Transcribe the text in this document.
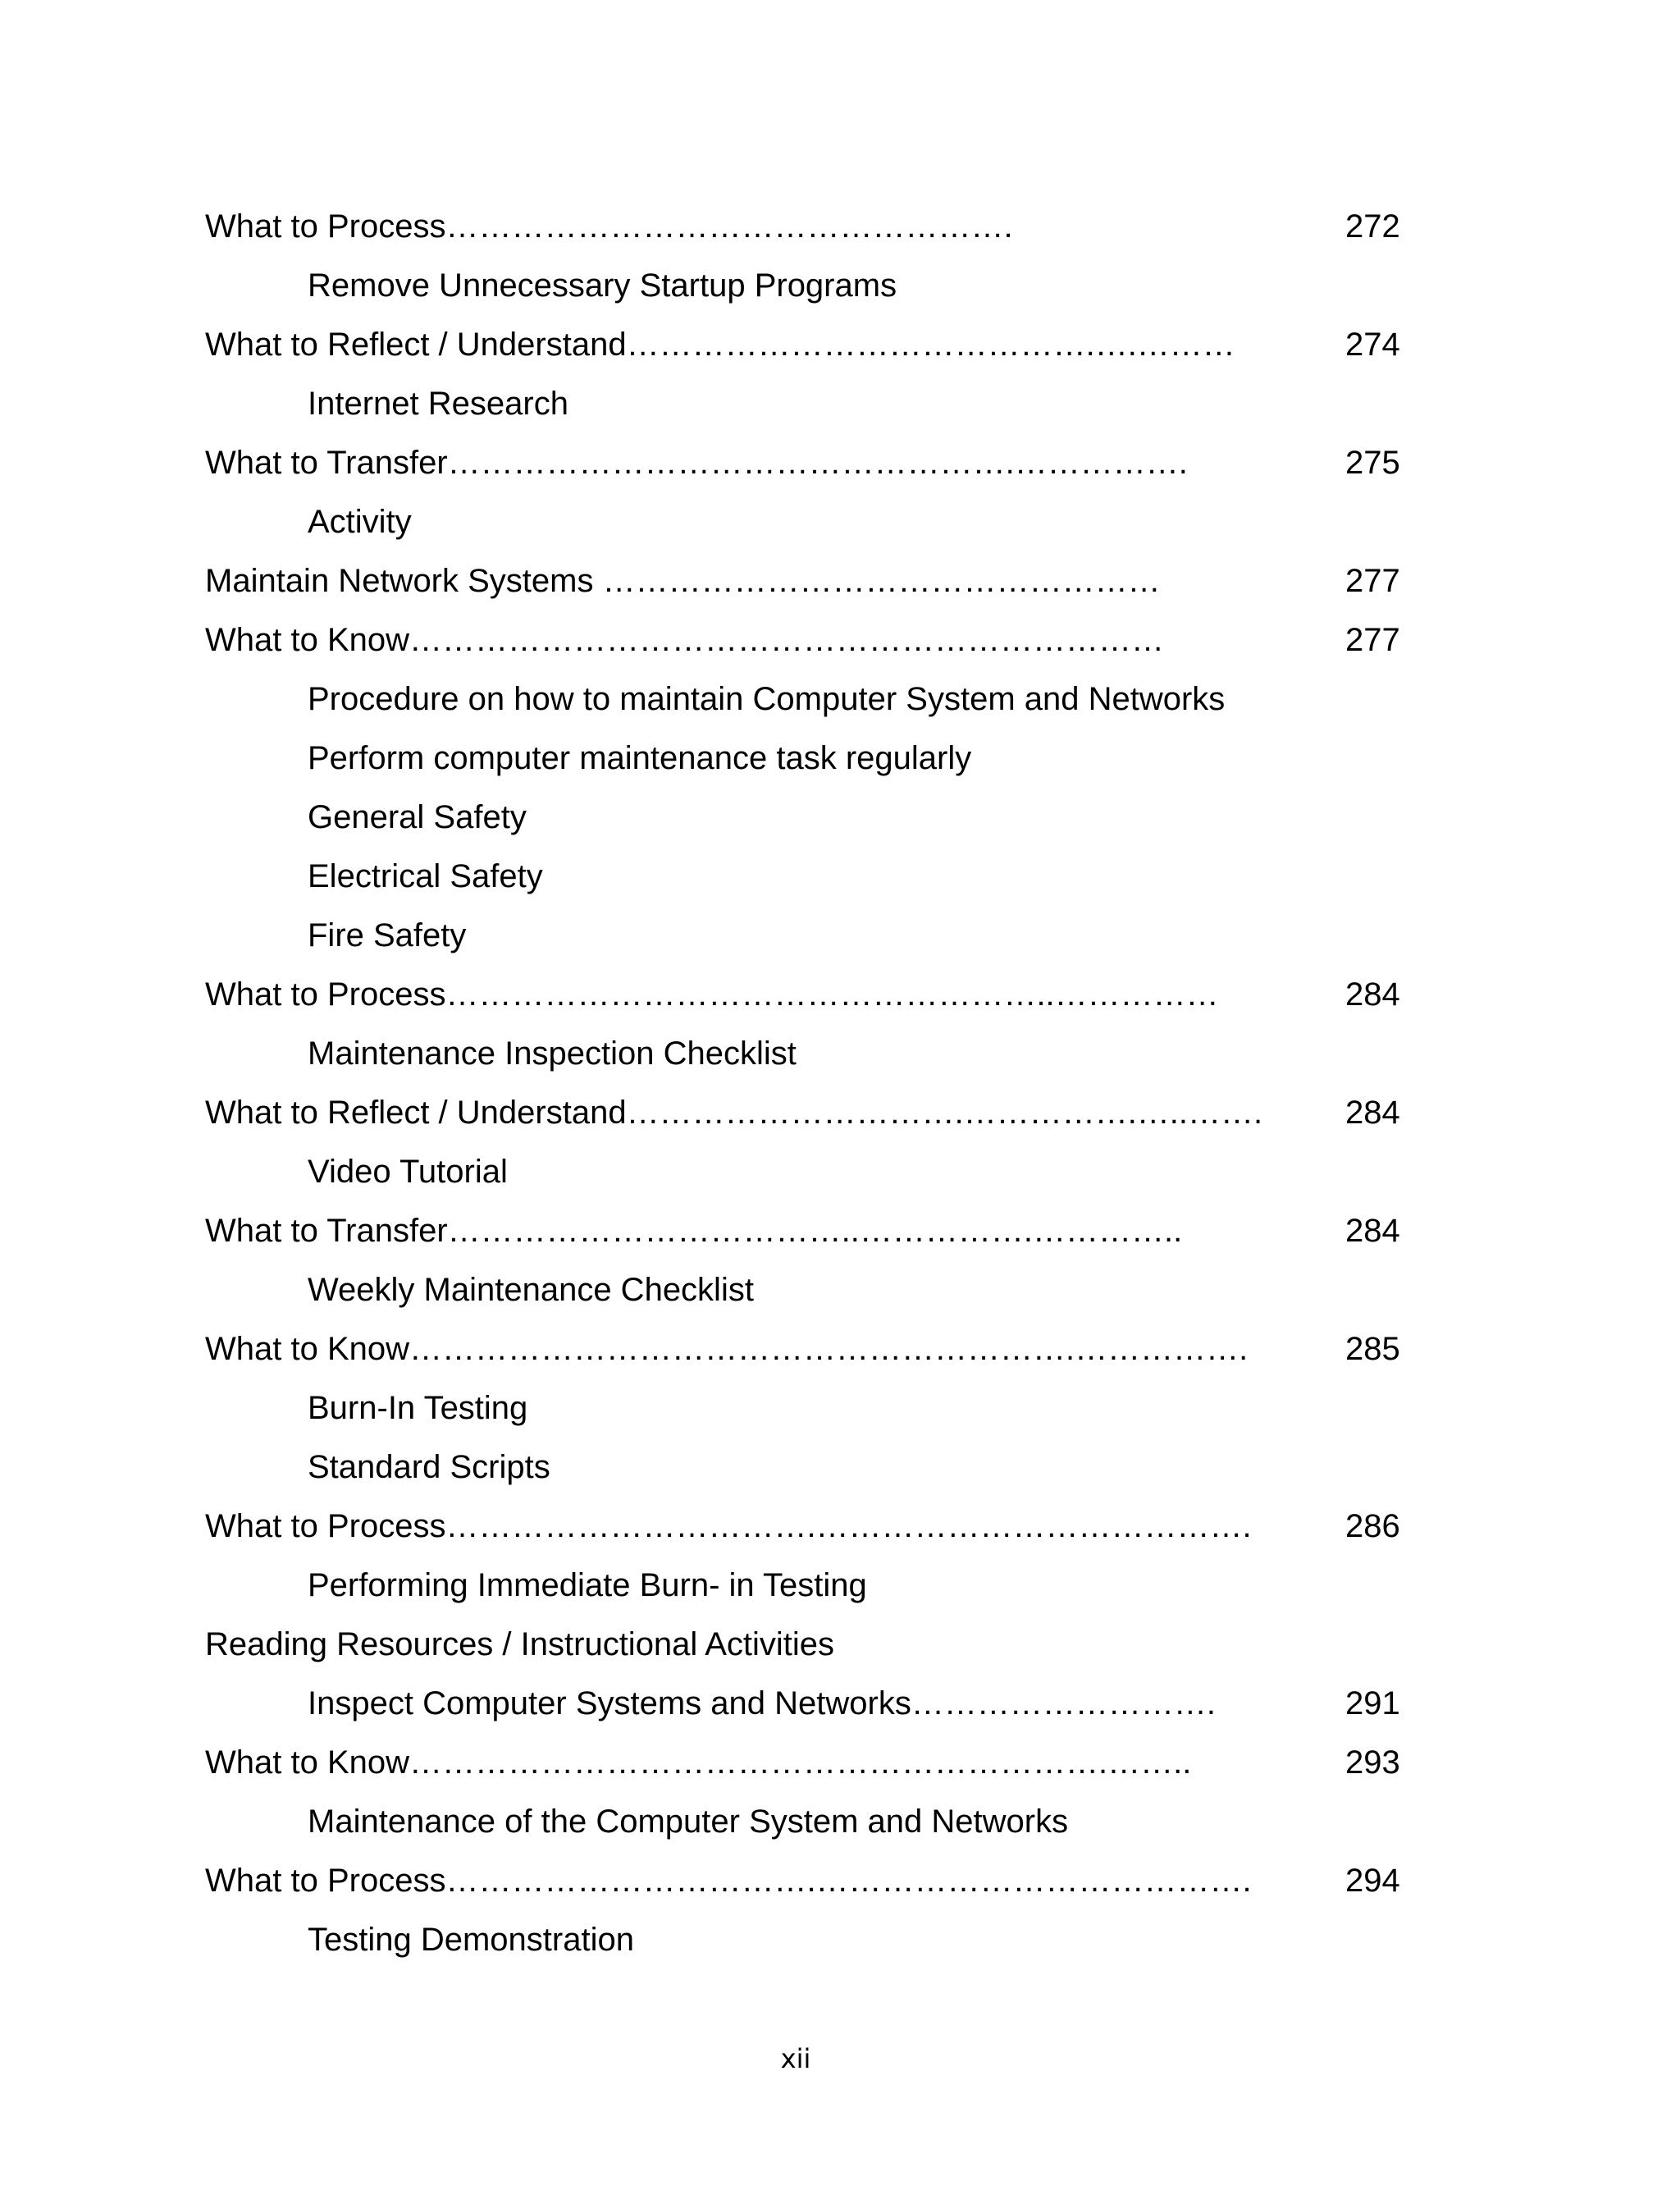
What to Process…………………………………………….	272
Remove Unnecessary Startup Programs
What to Reflect / Understand…………………………………….….………	274
Internet Research
What to Transfer…………………………………………….…………….	275
Activity
Maintain Network Systems ……………………………………………	277
What to Know……………………………………………………………	277
Procedure on how to maintain Computer System and Networks
Perform computer maintenance task regularly
General Safety
Electrical Safety
Fire Safety
What to Process………………………………………………..……………	284
Maintenance Inspection Checklist
What to Reflect / Understand………………………….…………….…..…….	284
Video Tutorial
What to Transfer………………………………..…………….…………..	284
Weekly Maintenance Checklist
What to Know…………………………………………………….…………….	285
Burn-In Testing
Standard Scripts
What to Process…………………………….………………………………….	286
Performing Immediate Burn- in Testing
Reading Resources / Instructional Activities
Inspect Computer Systems and Networks……………………….	291
What to Know……………………………………………………….……..	293
Maintenance of the Computer System and Networks
What to Process…………………………….………………………………….	294
Testing Demonstration
xii
